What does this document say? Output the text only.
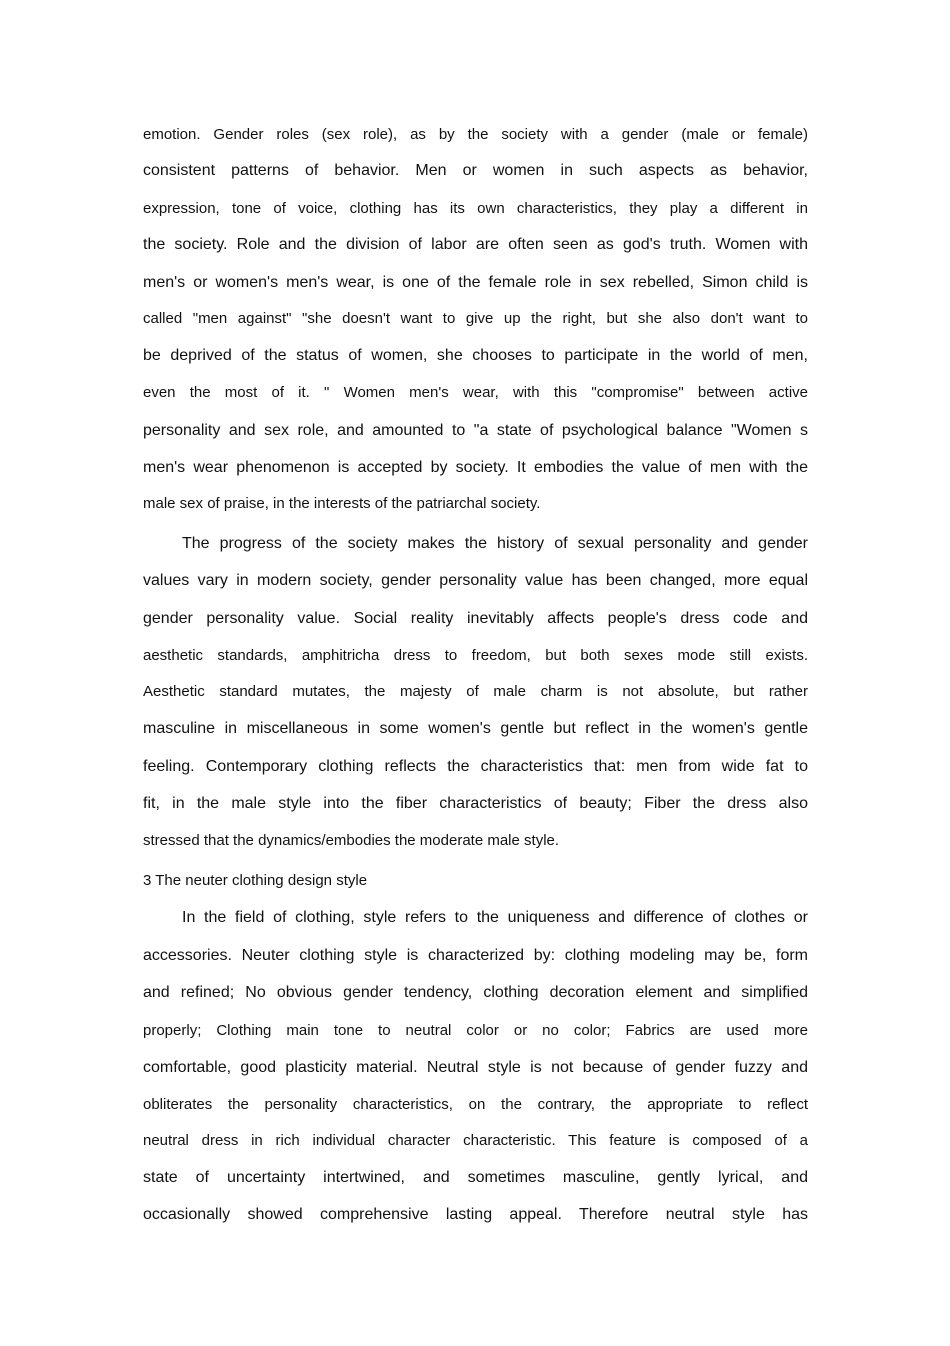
emotion. Gender roles (sex role), as by the society with a gender (male or female)
consistent patterns of behavior. Men or women in such aspects as behavior,
expression, tone of voice, clothing has its own characteristics, they play a different in
the society. Role and the division of labor are often seen as god's truth. Women with
men's or women's men's wear, is one of the female role in sex rebelled, Simon child is
called "men against" "she doesn't want to give up the right, but she also don't want to
be deprived of the status of women, she chooses to participate in the world of men,
even the most of it. " Women men's wear, with this "compromise" between active
personality and sex role, and amounted to "a state of psychological balance "Women s
men's wear phenomenon is accepted by society. It embodies the value of men with the
male sex of praise, in the interests of the patriarchal society.
The progress of the society makes the history of sexual personality and gender
values vary in modern society, gender personality value has been changed, more equal
gender personality value. Social reality inevitably affects people's dress code and
aesthetic standards, amphitricha dress to freedom, but both sexes mode still exists.
Aesthetic standard mutates, the majesty of male charm is not absolute, but rather
masculine in miscellaneous in some women's gentle but reflect in the women's gentle
feeling. Contemporary clothing reflects the characteristics that: men from wide fat to
fit, in the male style into the fiber characteristics of beauty; Fiber the dress also
stressed that the dynamics/embodies the moderate male style.
3 The neuter clothing design style
In the field of clothing, style refers to the uniqueness and difference of clothes or
accessories. Neuter clothing style is characterized by: clothing modeling may be, form
and refined; No obvious gender tendency, clothing decoration element and simplified
properly; Clothing main tone to neutral color or no color; Fabrics are used more
comfortable, good plasticity material. Neutral style is not because of gender fuzzy and
obliterates the personality characteristics, on the contrary, the appropriate to reflect
neutral dress in rich individual character characteristic. This feature is composed of a
state of uncertainty intertwined, and sometimes masculine, gently lyrical, and
occasionally showed comprehensive lasting appeal. Therefore neutral style has
